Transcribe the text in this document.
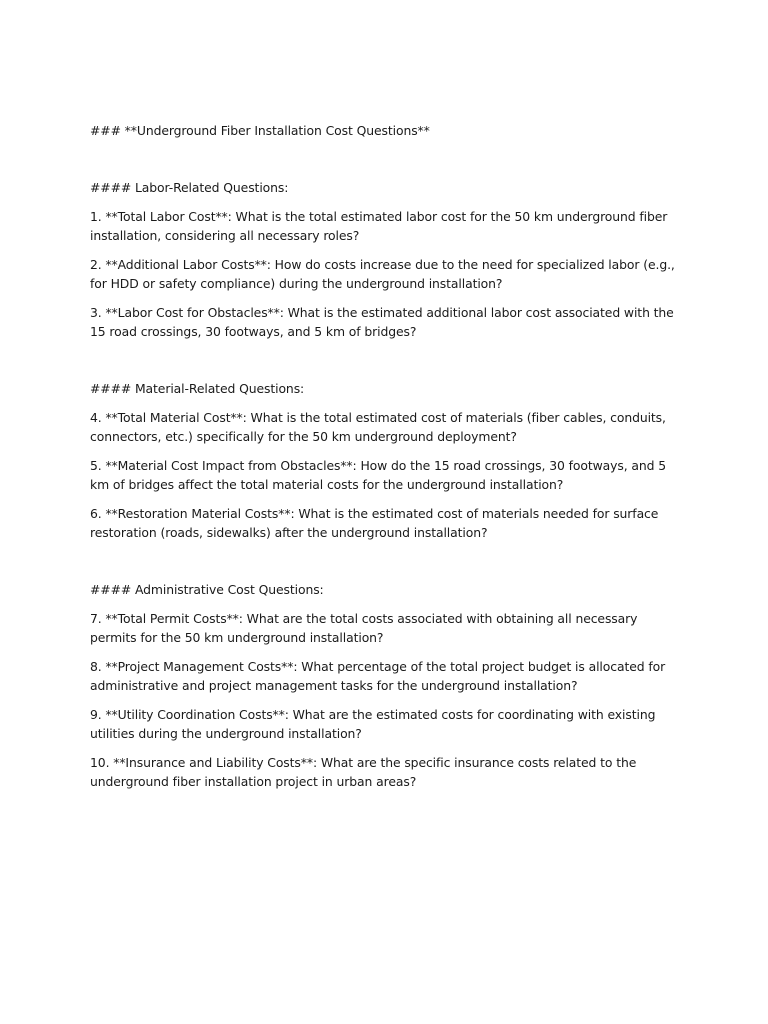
### **Underground Fiber Installation Cost Questions**
#### Labor-Related Questions:
1. **Total Labor Cost**: What is the total estimated labor cost for the 50 km underground fiber installation, considering all necessary roles?
2. **Additional Labor Costs**: How do costs increase due to the need for specialized labor (e.g., for HDD or safety compliance) during the underground installation?
3. **Labor Cost for Obstacles**: What is the estimated additional labor cost associated with the 15 road crossings, 30 footways, and 5 km of bridges?
#### Material-Related Questions:
4. **Total Material Cost**: What is the total estimated cost of materials (fiber cables, conduits, connectors, etc.) specifically for the 50 km underground deployment?
5. **Material Cost Impact from Obstacles**: How do the 15 road crossings, 30 footways, and 5 km of bridges affect the total material costs for the underground installation?
6. **Restoration Material Costs**: What is the estimated cost of materials needed for surface restoration (roads, sidewalks) after the underground installation?
#### Administrative Cost Questions:
7. **Total Permit Costs**: What are the total costs associated with obtaining all necessary permits for the 50 km underground installation?
8. **Project Management Costs**: What percentage of the total project budget is allocated for administrative and project management tasks for the underground installation?
9. **Utility Coordination Costs**: What are the estimated costs for coordinating with existing utilities during the underground installation?
10. **Insurance and Liability Costs**: What are the specific insurance costs related to the underground fiber installation project in urban areas?
